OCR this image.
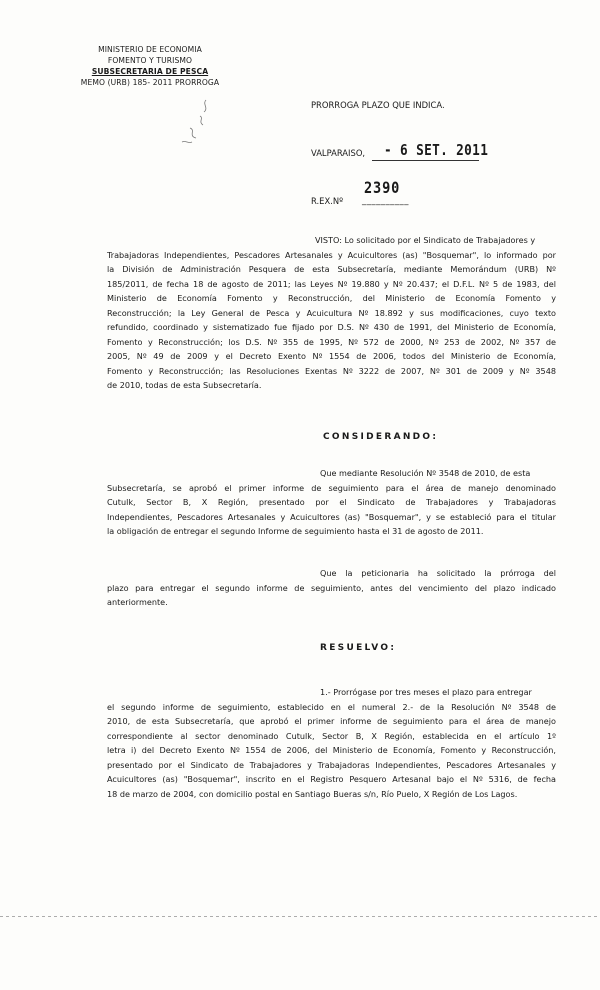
MINISTERIO DE ECONOMIA
FOMENTO Y TURISMO
SUBSECRETARIA DE PESCA
MEMO (URB) 185- 2011 PRORROGA
PRORROGA PLAZO QUE INDICA.
VALPARAISO, - 6 SET. 2011
2390
R.EX.Nº __________
VISTO: Lo solicitado por el Sindicato de Trabajadores y
Trabajadoras Independientes, Pescadores Artesanales y Acuicultores (as) "Bosquemar", lo informado por
la División de Administración Pesquera de esta Subsecretaría, mediante Memorándum (URB) Nº
185/2011, de fecha 18 de agosto de 2011; las Leyes Nº 19.880 y Nº 20.437; el D.F.L. Nº 5 de 1983, del
Ministerio de Economía Fomento y Reconstrucción, del Ministerio de Economía Fomento y
Reconstrucción; la Ley General de Pesca y Acuicultura Nº 18.892 y sus modificaciones, cuyo texto
refundido, coordinado y sistematizado fue fijado por D.S. Nº 430 de 1991, del Ministerio de Economía,
Fomento y Reconstrucción; los D.S. Nº 355 de 1995, Nº 572 de 2000, Nº 253 de 2002, Nº 357 de
2005, Nº 49 de 2009 y el Decreto Exento Nº 1554 de 2006, todos del Ministerio de Economía,
Fomento y Reconstrucción; las Resoluciones Exentas Nº 3222 de 2007, Nº 301 de 2009 y Nº 3548
de 2010, todas de esta Subsecretaría.
CONSIDERANDO:
Que mediante Resolución Nº 3548 de 2010, de esta
Subsecretaría, se aprobó el primer informe de seguimiento para el área de manejo denominado
Cutulk, Sector B, X Región, presentado por el Sindicato de Trabajadores y Trabajadoras
Independientes, Pescadores Artesanales y Acuicultores (as) "Bosquemar", y se estableció para el titular
la obligación de entregar el segundo Informe de seguimiento hasta el 31 de agosto de 2011.
Que la peticionaria ha solicitado la prórroga del
plazo para entregar el segundo informe de seguimiento, antes del vencimiento del plazo indicado
anteriormente.
RESUELVO:
1.- Prorrógase por tres meses el plazo para entregar
el segundo informe de seguimiento, establecido en el numeral 2.- de la Resolución Nº 3548 de
2010, de esta Subsecretaría, que aprobó el primer informe de seguimiento para el área de manejo
correspondiente al sector denominado Cutulk, Sector B, X Región, establecida en el artículo 1º
letra i) del Decreto Exento Nº 1554 de 2006, del Ministerio de Economía, Fomento y Reconstrucción,
presentado por el Sindicato de Trabajadores y Trabajadoras Independientes, Pescadores Artesanales y
Acuicultores (as) "Bosquemar", inscrito en el Registro Pesquero Artesanal bajo el Nº 5316, de fecha
18 de marzo de 2004, con domicilio postal en Santiago Bueras s/n, Río Puelo, X Región de Los Lagos.
